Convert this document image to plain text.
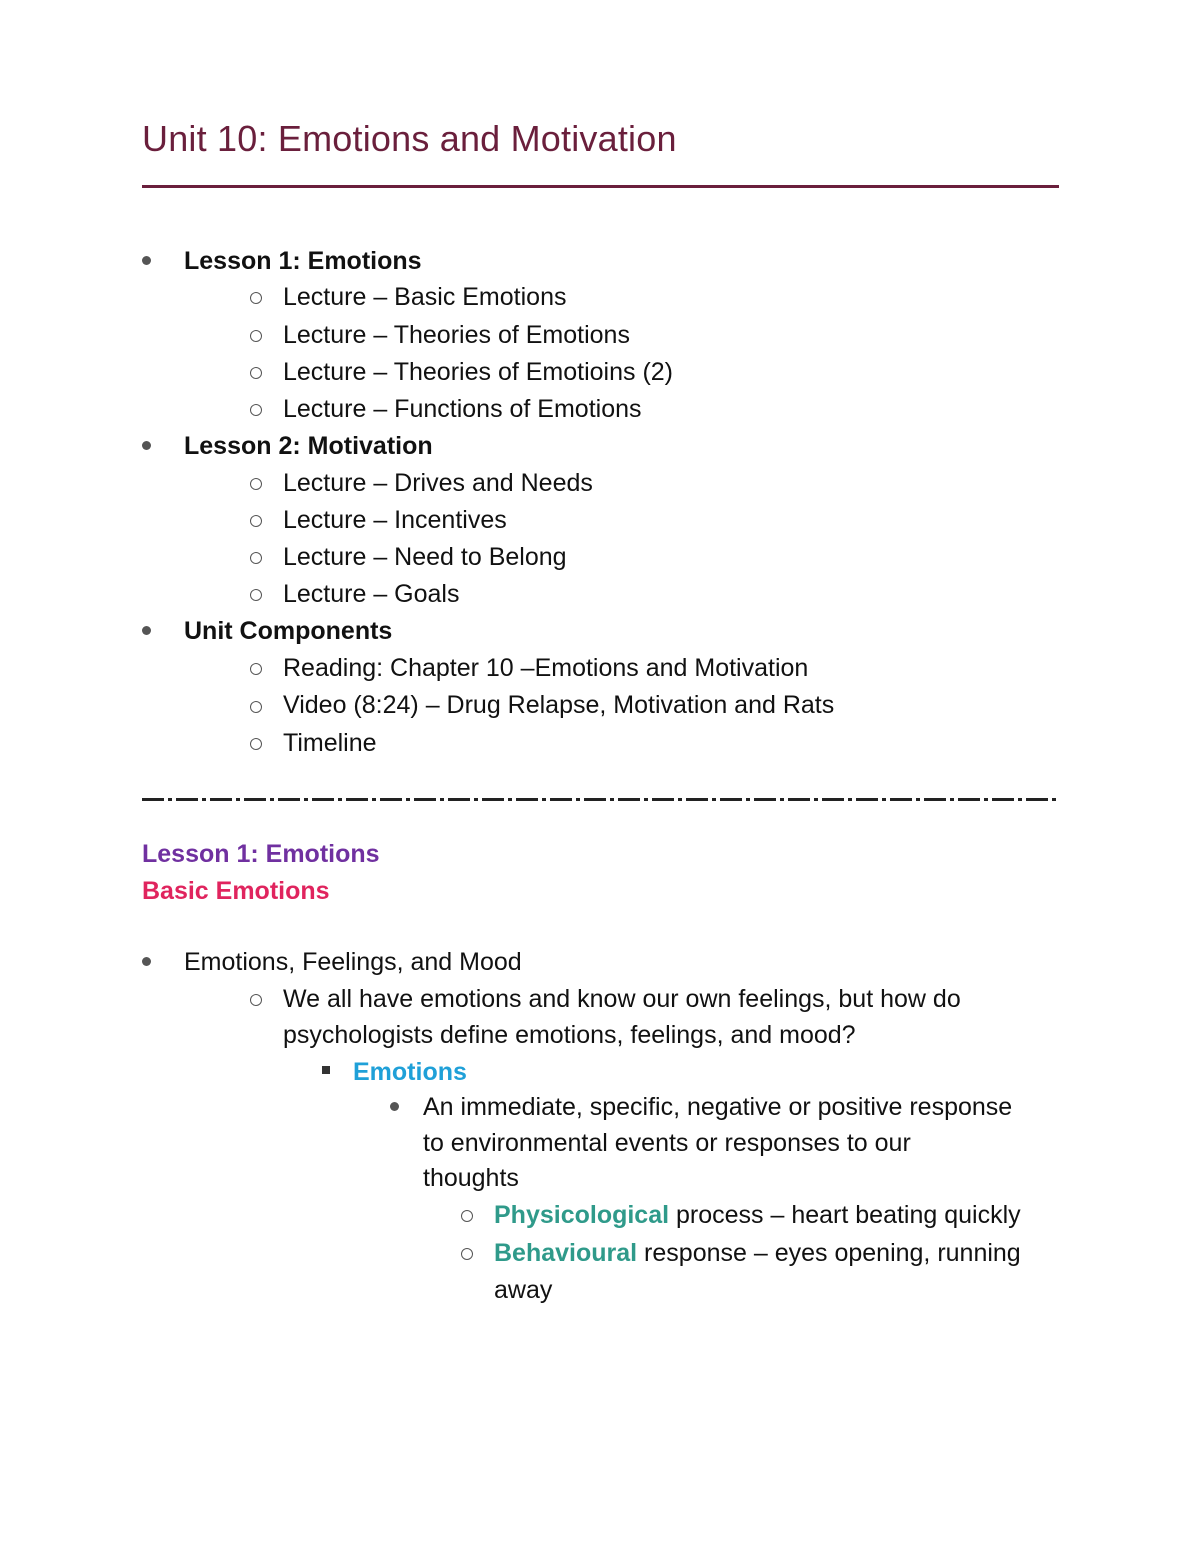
Unit 10: Emotions and Motivation
Lesson 1: Emotions
Lecture – Basic Emotions
Lecture – Theories of Emotions
Lecture – Theories of Emotioins (2)
Lecture – Functions of Emotions
Lesson 2: Motivation
Lecture – Drives and Needs
Lecture – Incentives
Lecture – Need to Belong
Lecture – Goals
Unit Components
Reading: Chapter 10 –Emotions and Motivation
Video (8:24) – Drug Relapse, Motivation and Rats
Timeline
Lesson 1: Emotions
Basic Emotions
Emotions, Feelings, and Mood
We all have emotions and know our own feelings, but how do
psychologists define emotions, feelings, and mood?
Emotions
An immediate, specific, negative or positive response
to environmental events or responses to our
thoughts
Physicological process – heart beating quickly
Behavioural response – eyes opening, running
away
